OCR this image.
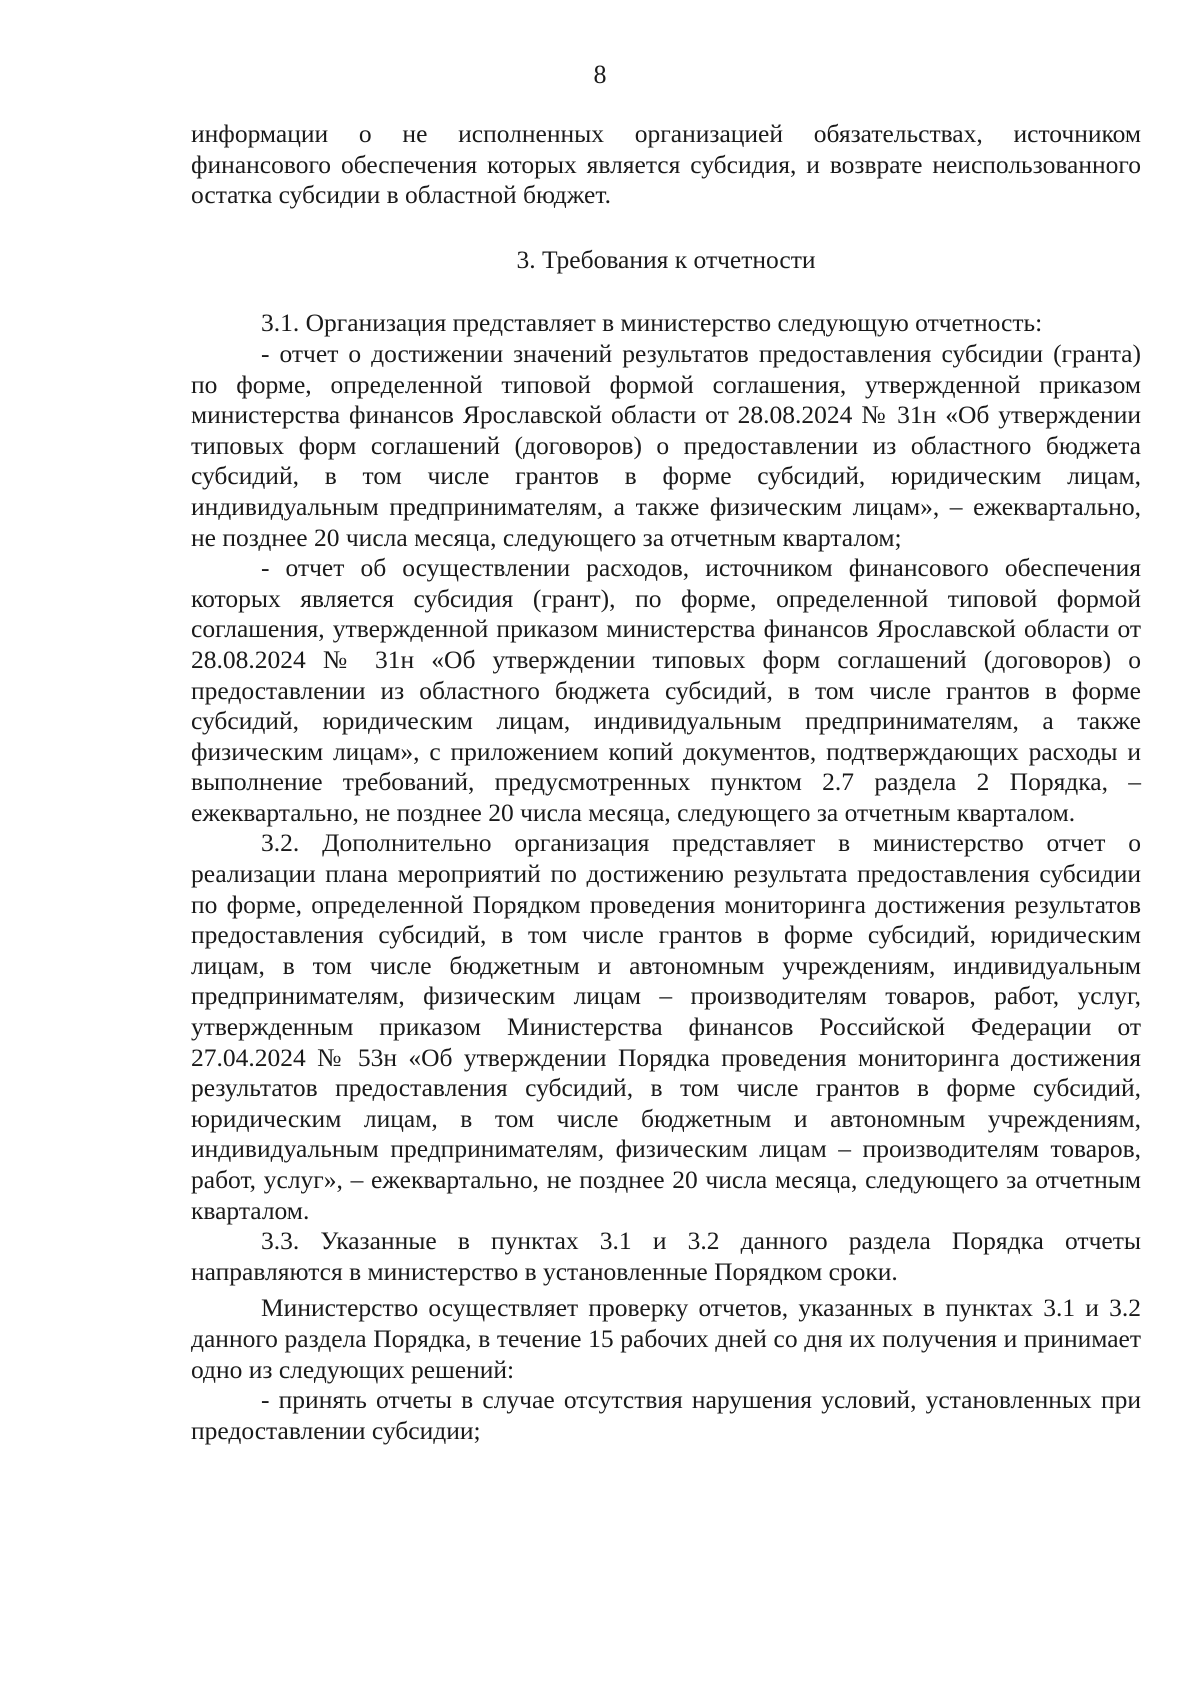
8

информации о не исполненных организацией обязательствах, источником финансового обеспечения которых является субсидия, и возврате неиспользованного остатка субсидии в областной бюджет.

3. Требования к отчетности

3.1. Организация представляет в министерство следующую отчетность:

- отчет о достижении значений результатов предоставления субсидии (гранта) по форме, определенной типовой формой соглашения, утвержденной приказом министерства финансов Ярославской области от 28.08.2024 № 31н «Об утверждении типовых форм соглашений (договоров) о предоставлении из областного бюджета субсидий, в том числе грантов в форме субсидий, юридическим лицам, индивидуальным предпринимателям, а также физическим лицам», – ежеквартально, не позднее 20 числа месяца, следующего за отчетным кварталом;

- отчет об осуществлении расходов, источником финансового обеспечения которых является субсидия (грант), по форме, определенной типовой формой соглашения, утвержденной приказом министерства финансов Ярославской области от 28.08.2024 № 31н «Об утверждении типовых форм соглашений (договоров) о предоставлении из областного бюджета субсидий, в том числе грантов в форме субсидий, юридическим лицам, индивидуальным предпринимателям, а также физическим лицам», с приложением копий документов, подтверждающих расходы и выполнение требований, предусмотренных пунктом 2.7 раздела 2 Порядка, – ежеквартально, не позднее 20 числа месяца, следующего за отчетным кварталом.

3.2. Дополнительно организация представляет в министерство отчет о реализации плана мероприятий по достижению результата предоставления субсидии по форме, определенной Порядком проведения мониторинга достижения результатов предоставления субсидий, в том числе грантов в форме субсидий, юридическим лицам, в том числе бюджетным и автономным учреждениям, индивидуальным предпринимателям, физическим лицам – производителям товаров, работ, услуг, утвержденным приказом Министерства финансов Российской Федерации от 27.04.2024 № 53н «Об утверждении Порядка проведения мониторинга достижения результатов предоставления субсидий, в том числе грантов в форме субсидий, юридическим лицам, в том числе бюджетным и автономным учреждениям, индивидуальным предпринимателям, физическим лицам – производителям товаров, работ, услуг», – ежеквартально, не позднее 20 числа месяца, следующего за отчетным кварталом.

3.3. Указанные в пунктах 3.1 и 3.2 данного раздела Порядка отчеты направляются в министерство в установленные Порядком сроки.

Министерство осуществляет проверку отчетов, указанных в пунктах 3.1 и 3.2 данного раздела Порядка, в течение 15 рабочих дней со дня их получения и принимает одно из следующих решений:

- принять отчеты в случае отсутствия нарушения условий, установленных при предоставлении субсидии;
